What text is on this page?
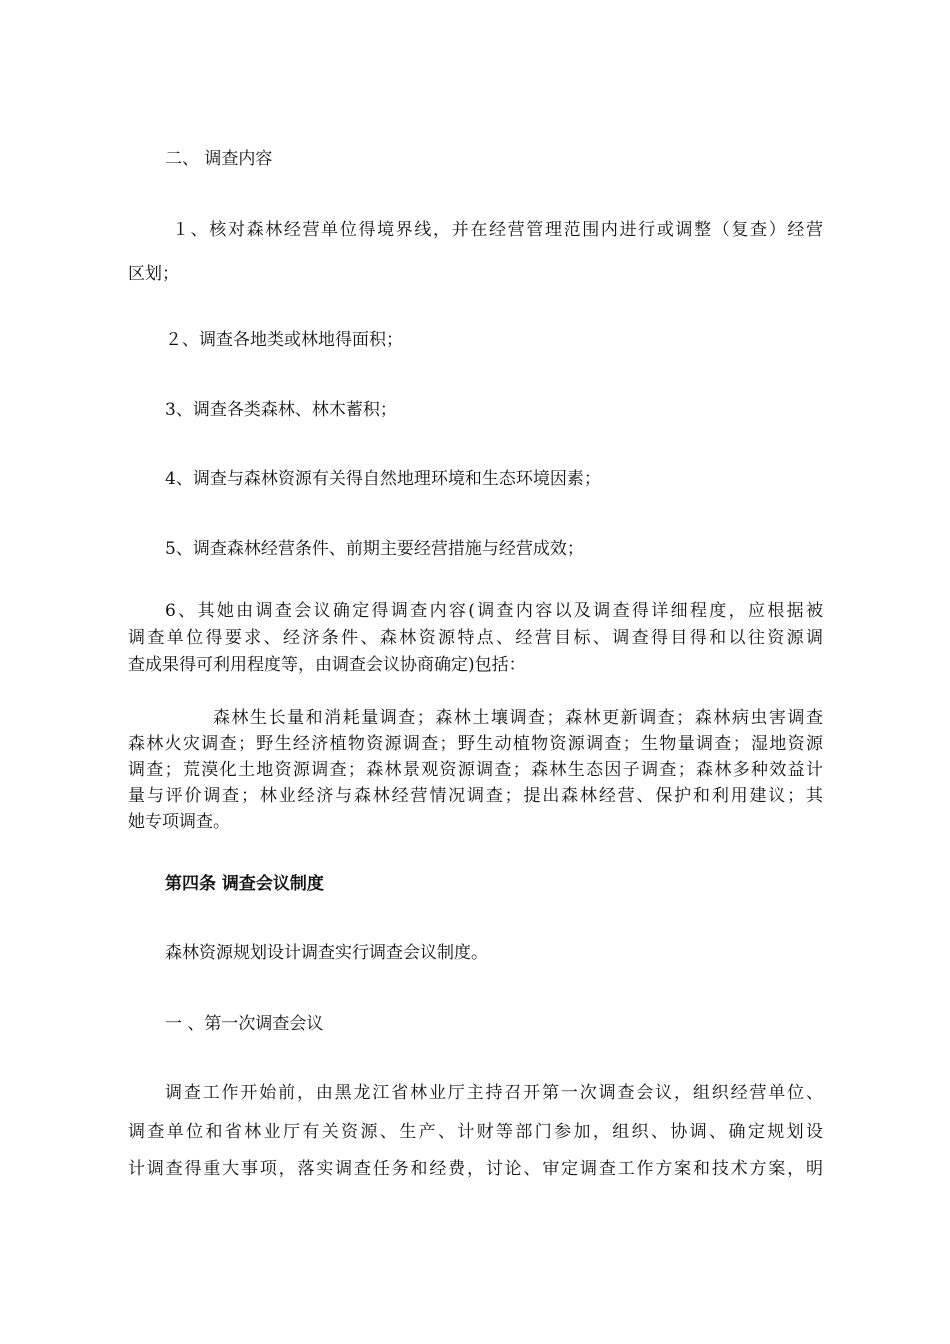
二、 调查内容
１、核对森林经营单位得境界线，并在经营管理范围内进行或调整（复查）经营
区划；
２、调查各地类或林地得面积；
3、调查各类森林、林木蓄积；
4、调查与森林资源有关得自然地理环境和生态环境因素；
5、调查森林经营条件、前期主要经营措施与经营成效；
6、其她由调查会议确定得调查内容(调查内容以及调查得详细程度，应根据被
调查单位得要求、经济条件、森林资源特点、经营目标、调查得目得和以往资源调
查成果得可利用程度等，由调查会议协商确定)包括：
森林生长量和消耗量调查；森林土壤调查；森林更新调查；森林病虫害调查
森林火灾调查；野生经济植物资源调查；野生动植物资源调查；生物量调查；湿地资源
调查；荒漠化土地资源调查；森林景观资源调查；森林生态因子调查；森林多种效益计
量与评价调查；林业经济与森林经营情况调查；提出森林经营、保护和利用建议；其
她专项调查。
第四条 调查会议制度
森林资源规划设计调查实行调查会议制度。
一 、第一次调查会议
调查工作开始前，由黑龙江省林业厅主持召开第一次调查会议，组织经营单位、
调查单位和省林业厅有关资源、生产、计财等部门参加，组织、协调、确定规划设
计调查得重大事项，落实调查任务和经费，讨论、审定调查工作方案和技术方案，明
